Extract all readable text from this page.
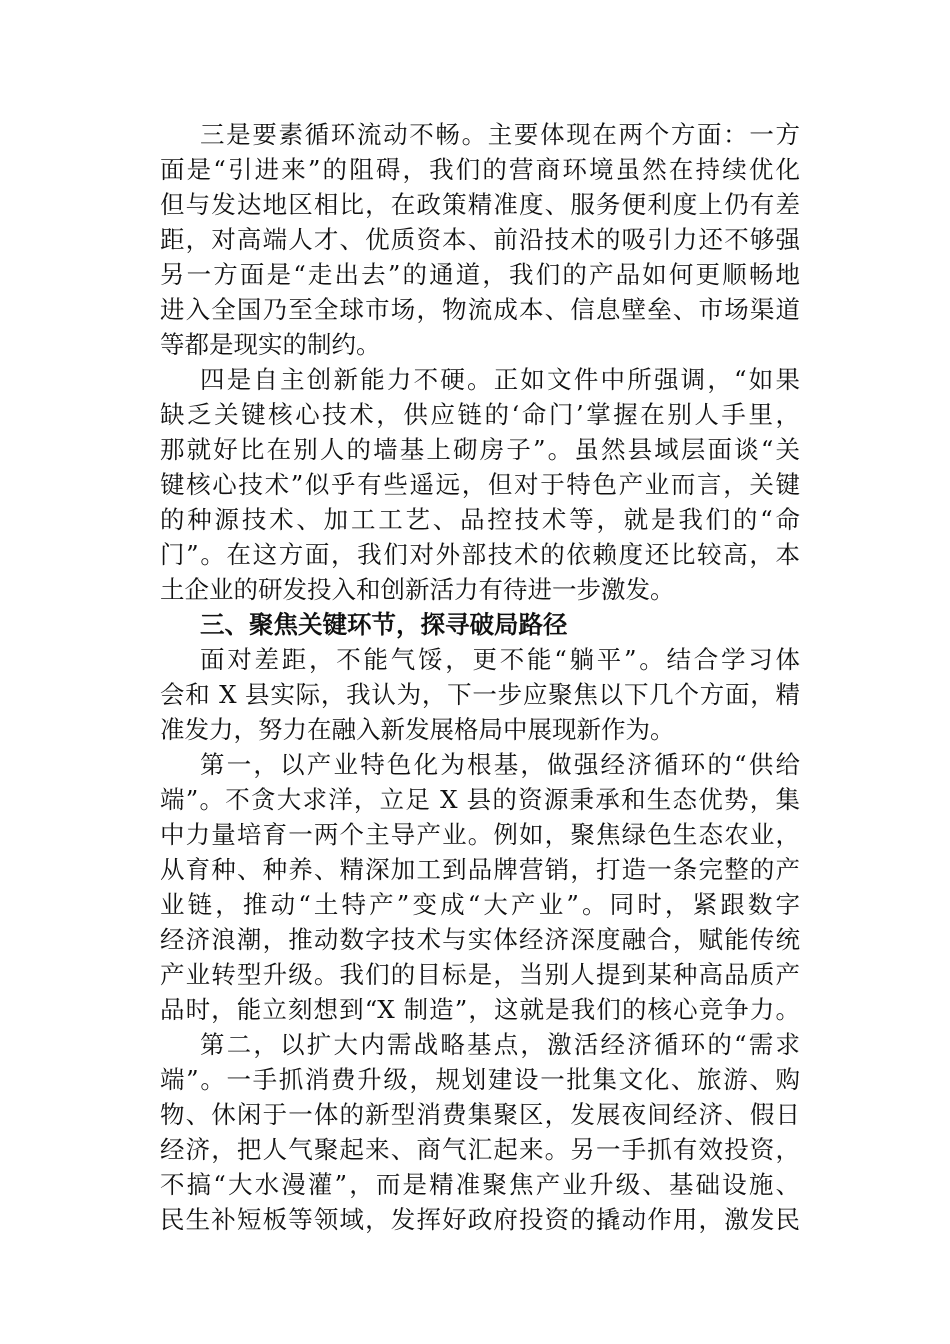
三是要素循环流动不畅。主要体现在两个方面：一方
面是“引进来”的阻碍，我们的营商环境虽然在持续优化
但与发达地区相比，在政策精准度、服务便利度上仍有差
距，对高端人才、优质资本、前沿技术的吸引力还不够强
另一方面是“走出去”的通道，我们的产品如何更顺畅地
进入全国乃至全球市场，物流成本、信息壁垒、市场渠道
等都是现实的制约。
四是自主创新能力不硬。正如文件中所强调，“如果
缺乏关键核心技术，供应链的‘命门’掌握在别人手里，
那就好比在别人的墙基上砌房子”。虽然县域层面谈“关
键核心技术”似乎有些遥远，但对于特色产业而言，关键
的种源技术、加工工艺、品控技术等，就是我们的“命
门”。在这方面，我们对外部技术的依赖度还比较高，本
土企业的研发投入和创新活力有待进一步激发。
三、聚焦关键环节，探寻破局路径
面对差距，不能气馁，更不能“躺平”。结合学习体
会和 X 县实际，我认为，下一步应聚焦以下几个方面，精
准发力，努力在融入新发展格局中展现新作为。
第一，以产业特色化为根基，做强经济循环的“供给
端”。不贪大求洋，立足 X 县的资源秉承和生态优势，集
中力量培育一两个主导产业。例如，聚焦绿色生态农业，
从育种、种养、精深加工到品牌营销，打造一条完整的产
业链，推动“土特产”变成“大产业”。同时，紧跟数字
经济浪潮，推动数字技术与实体经济深度融合，赋能传统
产业转型升级。我们的目标是，当别人提到某种高品质产
品时，能立刻想到“X 制造”，这就是我们的核心竞争力。
第二，以扩大内需战略基点，激活经济循环的“需求
端”。一手抓消费升级，规划建设一批集文化、旅游、购
物、休闲于一体的新型消费集聚区，发展夜间经济、假日
经济，把人气聚起来、商气汇起来。另一手抓有效投资，
不搞“大水漫灌”，而是精准聚焦产业升级、基础设施、
民生补短板等领域，发挥好政府投资的撬动作用，激发民
